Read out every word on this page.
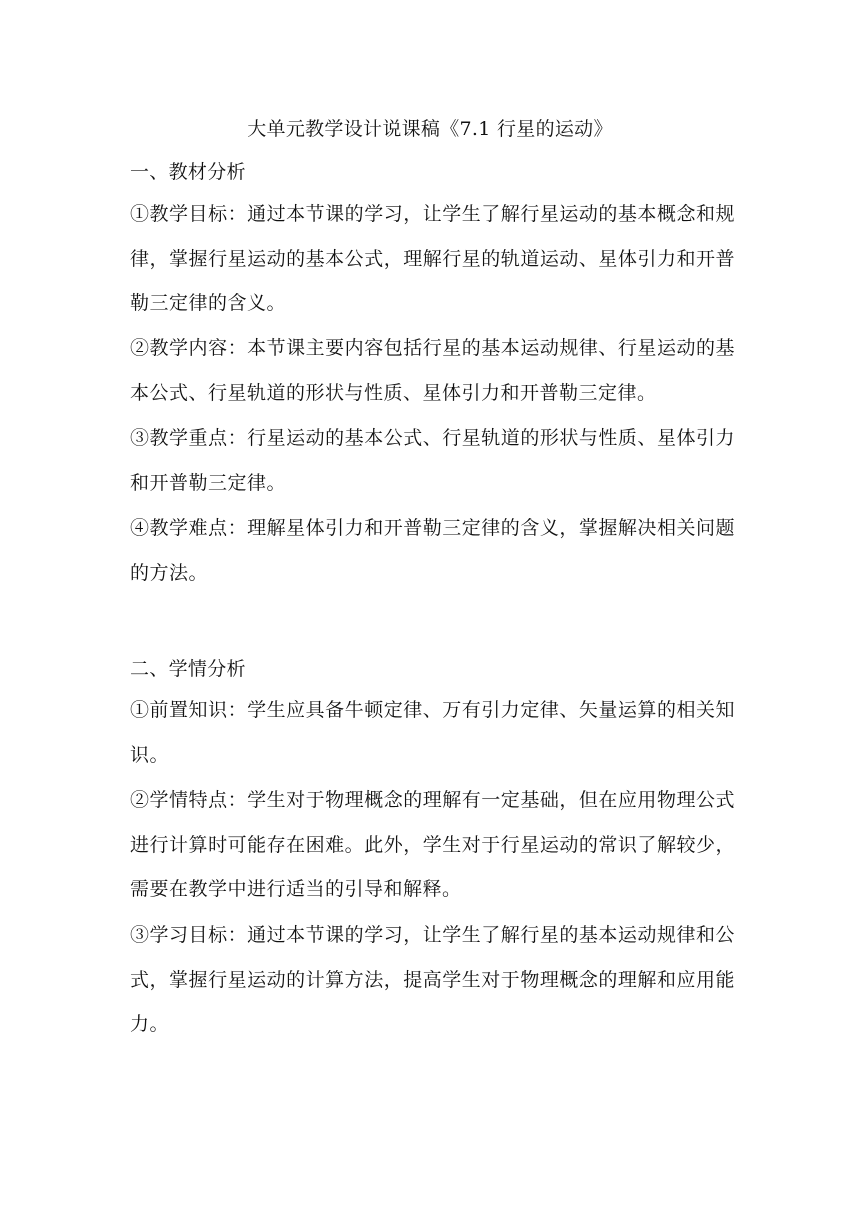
大单元教学设计说课稿《7.1 行星的运动》
一、教材分析
①教学目标：通过本节课的学习，让学生了解行星运动的基本概念和规律，掌握行星运动的基本公式，理解行星的轨道运动、星体引力和开普勒三定律的含义。
②教学内容：本节课主要内容包括行星的基本运动规律、行星运动的基本公式、行星轨道的形状与性质、星体引力和开普勒三定律。
③教学重点：行星运动的基本公式、行星轨道的形状与性质、星体引力和开普勒三定律。
④教学难点：理解星体引力和开普勒三定律的含义，掌握解决相关问题的方法。
二、学情分析
①前置知识：学生应具备牛顿定律、万有引力定律、矢量运算的相关知识。
②学情特点：学生对于物理概念的理解有一定基础，但在应用物理公式进行计算时可能存在困难。此外，学生对于行星运动的常识了解较少，需要在教学中进行适当的引导和解释。
③学习目标：通过本节课的学习，让学生了解行星的基本运动规律和公式，掌握行星运动的计算方法，提高学生对于物理概念的理解和应用能力。
